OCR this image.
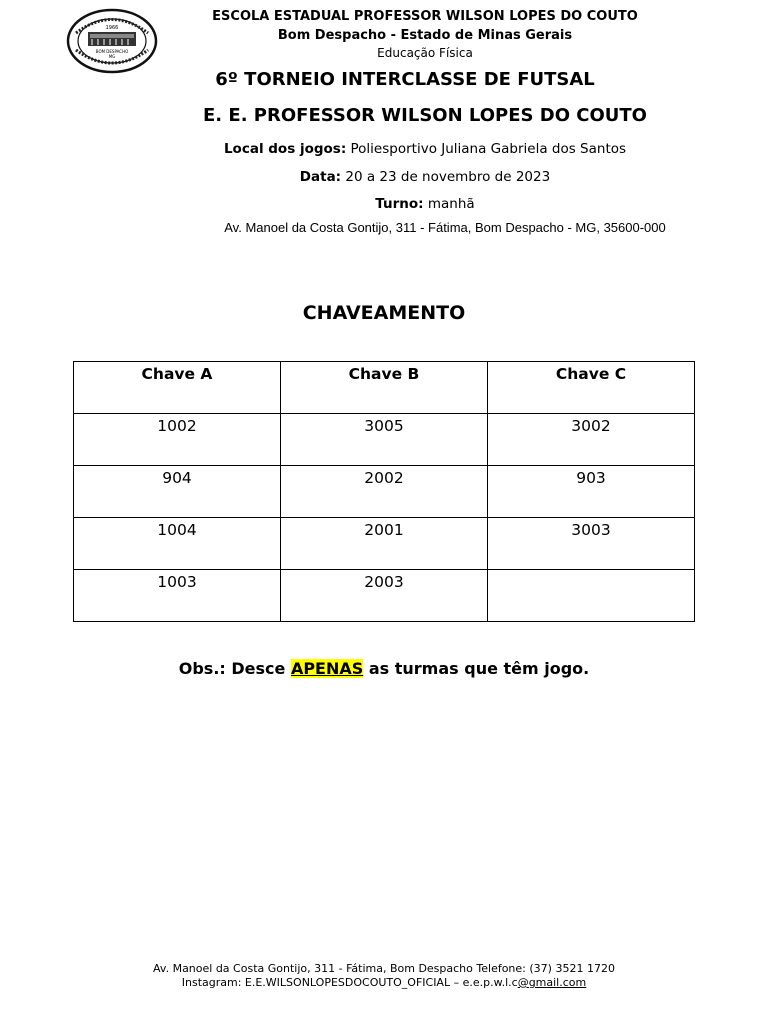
1966
BOM DESPACHO
MG
ESCOLA ESTADUAL PROFESSOR WILSON LOPES DO COUTO
Bom Despacho - Estado de Minas Gerais
Educação Física
6º TORNEIO INTERCLASSE DE FUTSAL
E. E. PROFESSOR WILSON LOPES DO COUTO
Local dos jogos: Poliesportivo Juliana Gabriela dos Santos
Data: 20 a 23 de novembro de 2023
Turno: manhã
Av. Manoel da Costa Gontijo, 311 - Fátima, Bom Despacho - MG, 35600-000
CHAVEAMENTO
Chave A	Chave B	Chave C
1002	3005	3002
904	2002	903
1004	2001	3003
1003	2003	
Obs.: Desce APENAS as turmas que têm jogo.
Av. Manoel da Costa Gontijo, 311 - Fátima, Bom Despacho Telefone: (37) 3521 1720
Instagram: E.E.WILSONLOPESDOCOUTO_OFICIAL – e.e.p.w.l.c@gmail.com
